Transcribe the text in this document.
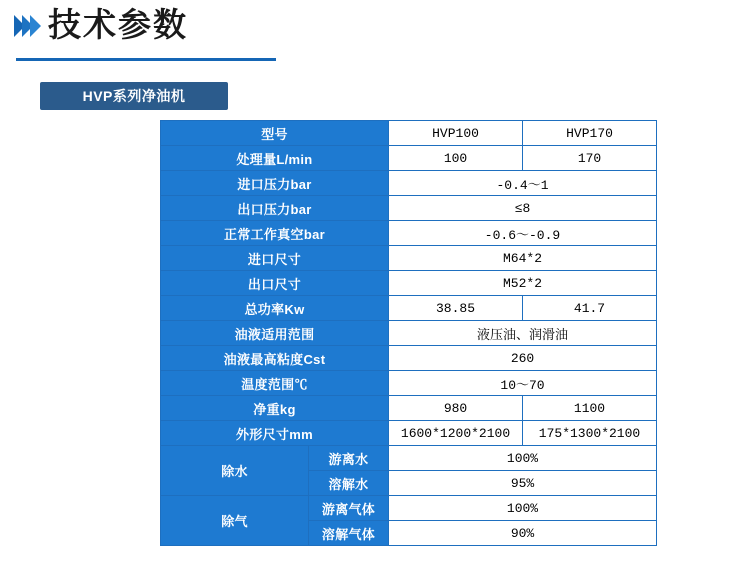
技术参数
HVP系列净油机
型号		HVP100	HVP170
处理量L/min		100	170
进口压力bar		-0.4～1	
出口压力bar		≤8	
正常工作真空bar		-0.6～-0.9	
进口尺寸		M64*2	
出口尺寸		M52*2	
总功率Kw		38.85	41.7
油液适用范围		液压油、润滑油	
油液最高粘度Cst		260	
温度范围℃		10～70	
净重kg		980	1100
外形尺寸mm		1600*1200*2100	175*1300*2100
除水	游离水	100%	
	溶解水	95%	
除气	游离气体	100%	
	溶解气体	90%	
